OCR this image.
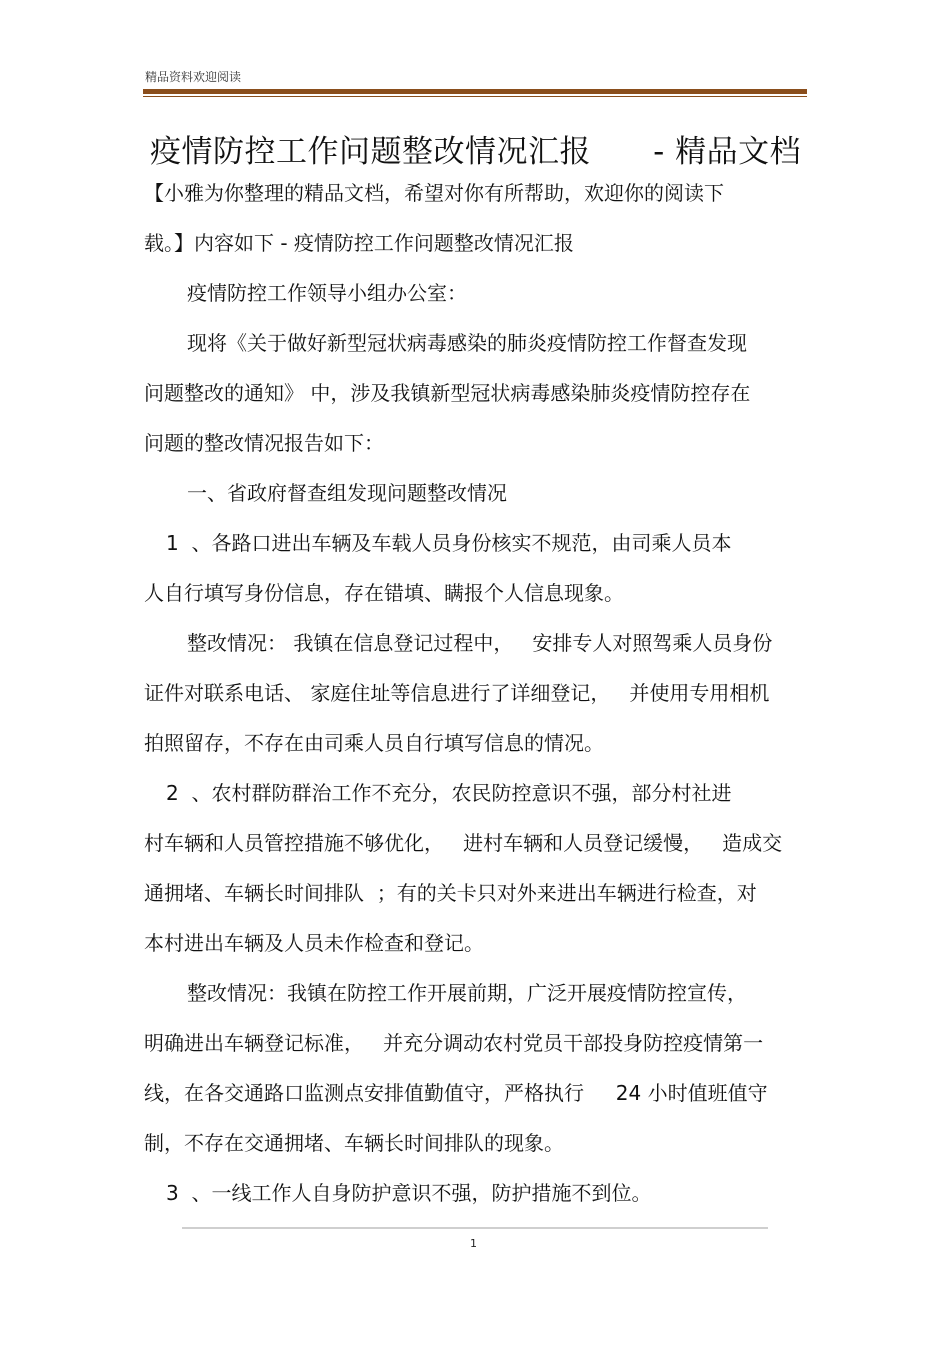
精品资料欢迎阅读
疫情防控工作问题整改情况汇报      - 精品文档
【小雅为你整理的精品文档，希望对你有所帮助，欢迎你的阅读下
载。】内容如下 - 疫情防控工作问题整改情况汇报
疫情防控工作领导小组办公室：
现将《关于做好新型冠状病毒感染的肺炎疫情防控工作督查发现
问题整改的通知》 中，涉及我镇新型冠状病毒感染肺炎疫情防控存在
问题的整改情况报告如下：
一、省政府督查组发现问题整改情况
1  、各路口进出车辆及车载人员身份核实不规范，由司乘人员本
人自行填写身份信息，存在错填、瞒报个人信息现象。
整改情况： 我镇在信息登记过程中，   安排专人对照驾乘人员身份
证件对联系电话、 家庭住址等信息进行了详细登记，   并使用专用相机
拍照留存，不存在由司乘人员自行填写信息的情况。
2  、农村群防群治工作不充分，农民防控意识不强，部分村社进
村车辆和人员管控措施不够优化，   进村车辆和人员登记缓慢，   造成交
通拥堵、车辆长时间排队  ；有的关卡只对外来进出车辆进行检查，对
本村进出车辆及人员未作检查和登记。
整改情况：我镇在防控工作开展前期，广泛开展疫情防控宣传，
明确进出车辆登记标准，   并充分调动农村党员干部投身防控疫情第一
线，在各交通路口监测点安排值勤值守，严格执行     24 小时值班值守
制，不存在交通拥堵、车辆长时间排队的现象。
3  、一线工作人自身防护意识不强，防护措施不到位。
1
